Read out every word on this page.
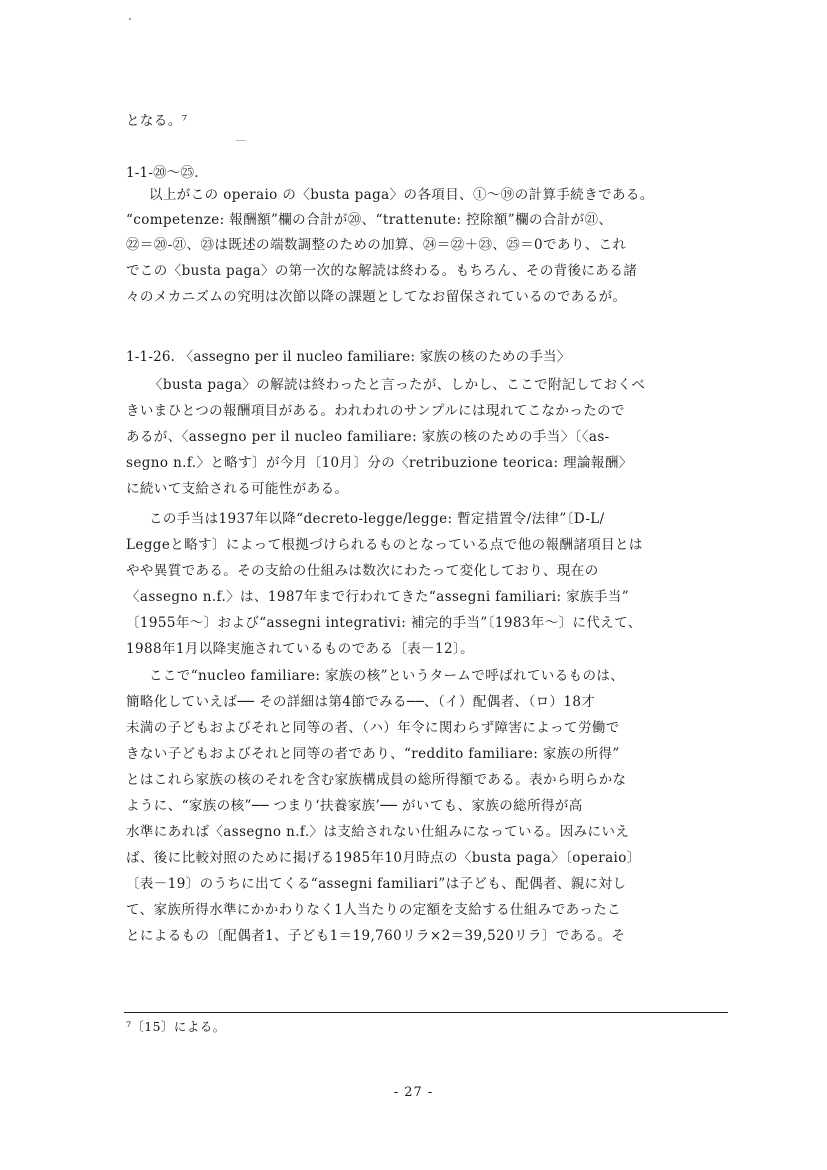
となる。⁷
1-1-⑳～㉕.
以上がこの operaio の〈busta paga〉の各項目、①～⑲の計算手続きである。
“competenze: 報酬額”欄の合計が⑳、“trattenute: 控除額”欄の合計が㉑、
㉒＝⑳-㉑、㉓は既述の端数調整のための加算、㉔＝㉒＋㉓、㉕＝0であり、これ
でこの〈busta paga〉の第一次的な解読は終わる。もちろん、その背後にある諸
々のメカニズムの究明は次節以降の課題としてなお留保されているのであるが。
1-1-26. 〈assegno per il nucleo familiare: 家族の核のための手当〉
〈busta paga〉の解読は終わったと言ったが、しかし、ここで附記しておくべ
きいまひとつの報酬項目がある。われわれのサンプルには現れてこなかったので
あるが、〈assegno per il nucleo familiare: 家族の核のための手当〉〔〈as-
segno n.f.〉と略す〕が今月〔10月〕分の〈retribuzione teorica: 理論報酬〉
に続いて支給される可能性がある。
この手当は1937年以降“decreto-legge/legge: 暫定措置令/法律”〔D-L/
Leggeと略す〕によって根拠づけられるものとなっている点で他の報酬諸項目とは
やや異質である。その支給の仕組みは数次にわたって変化しており、現在の
〈assegno n.f.〉は、1987年まで行われてきた“assegni familiari: 家族手当”
〔1955年～〕および“assegni integrativi: 補完的手当”〔1983年～〕に代えて、
1988年1月以降実施されているものである〔表－12〕。
ここで“nucleo familiare: 家族の核”というタームで呼ばれているものは、
簡略化していえば── その詳細は第4節でみる──、（イ）配偶者、（ロ）18才
未満の子どもおよびそれと同等の者、（ハ）年令に関わらず障害によって労働で
きない子どもおよびそれと同等の者であり、“reddito familiare: 家族の所得”
とはこれら家族の核のそれを含む家族構成員の総所得額である。表から明らかな
ように、“家族の核”── つまり‘扶養家族’── がいても、家族の総所得が高
水準にあれば〈assegno n.f.〉は支給されない仕組みになっている。因みにいえ
ば、後に比較対照のために掲げる1985年10月時点の〈busta paga〉〔operaio〕
〔表－19〕のうちに出てくる“assegni familiari”は子ども、配偶者、親に対し
て、家族所得水準にかかわりなく1人当たりの定額を支給する仕組みであったこ
とによるもの〔配偶者1、子ども1＝19,760リラ×2＝39,520リラ〕である。そ
⁷〔15〕による。
- 27 -
